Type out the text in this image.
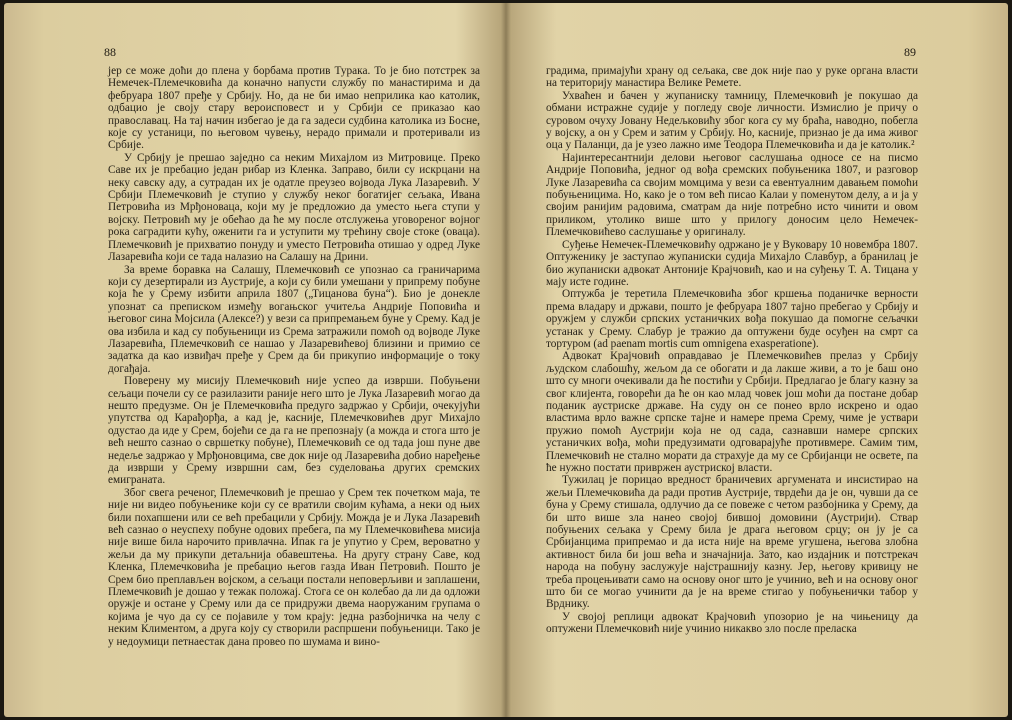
88

јер се може доћи до плена у борбама против Турака. То је био потстрек за Немечек-Племечковића да коначно напусти службу по манастирима и да фебруара 1807 пређе у Србију. Но, да не би имао неприлика као католик, одбацио је своју стару вероисповест и у Србији се приказао као православац. На тај начин избегао је да га задеси судбина католика из Босне, које су устаници, по његовом чувењу, нерадо примали и протеривали из Србије.

У Србију је прешао заједно са неким Михајлом из Митровице. Преко Саве их је пребацио један рибар из Кленка. Заправо, били су искрцани на неку савску аду, а сутрадан их је одатле преузео војвода Лука Лазаревић. У Србији Племечковић је ступио у службу неког богатијег сељака, Ивана Петровића из Мрђоноваца, који му је предложио да уместо њега ступи у војску. Петровић му је обећао да ће му после отслужења уговореног војног рока саградити кућу, оженити га и уступити му трећину своје стоке (оваца). Племечковић је прихватио понуду и уместо Петровића отишао у одред Луке Лазаревића који се тада налазио на Салашу на Дрини.

За време боравка на Салашу, Племечковић се упознао са граничарима који су дезертирали из Аустрије, а који су били умешани у припрему побуне која ће у Срему избити априла 1807 („Тицанова буна“). Био је донекле упознат са преписком између вогањског учитеља Андрије Поповића и његовог сина Мојсила (Алексе?) у вези са припремањем буне у Срему. Кад је ова избила и кад су побуњеници из Срема затражили помоћ од војводе Луке Лазаревића, Племечковић се нашао у Лазаревићевој близини и примио се задатка да као извиђач пређе у Срем да би прикупио информације о току догађаја.

Поверену му мисију Племечковић није успео да изврши. Побуњени сељаци почели су се разилазити раније него што је Лука Лазаревић могао да нешто предузме. Он је Племечковића предуго задржао у Србији, очекујући упутства од Карађорђа, а кад је, касније, Племечковићев друг Михајло одустао да иде у Срем, бојећи се да га не препознају (а можда и стога што је већ нешто сазнао о свршетку побуне), Племечковић се од тада још пуне две недеље задржао у Мрђоновцима, све док није од Лазаревића добио наређење да изврши у Срему извршни сам, без суделовања других сремских емиграната.

Због свега реченог, Племечковић је прешао у Срем тек почетком маја, те није ни видео побуњенике који су се вратили својим кућама, а неки од њих били похапшени или се већ пребацили у Србију. Можда је и Лука Лазаревић већ сазнао о неуспеху побуне одових пребега, па му Племечковићева мисија није више била нарочито привлачна. Ипак га је упутио у Срем, вероватно у жељи да му прикупи детаљнија обавештења. На другу страну Саве, код Кленка, Племечковића је пребацио његов газда Иван Петровић. Пошто је Срем био преплављен војском, а сељаци постали неповерљиви и заплашени, Племечковић је дошао у тежак положај. Стога се он колебао да ли да одложи оружје и остане у Срему или да се придружи двема наоружаним групама о којима је чуо да су се појавиле у том крају: једна разбојничка на челу с неким Климентом, а друга коју су створили распршени побуњеници. Тако је у недоумици петнаестак дана провео по шумама и вино-

89

градима, примајући храну од сељака, све док није пао у руке органа власти на територију манастира Велике Ремете.

Ухваћен и бачен у жупаниску тамницу, Племечковић је покушао да обмани истражне судије у погледу своје личности. Измислио је причу о суровом очуху Јовану Недељковићу због кога су му браћа, наводно, побегла у војску, а он у Срем и затим у Србију. Но, касније, признао је да има живог оца у Паланци, да је узео лажно име Теодора Племечковића и да је католик.²

Најинтересантнији делови његовог саслушања односе се на писмо Андрије Поповића, једног од вођа сремских побуњеника 1807, и разговор Луке Лазаревића са својим момцима у вези са евентуалним давањем помоћи побуњеницима. Но, како је о том већ писао Калаи у поменутом делу, а и ја у својим ранијим радовима, сматрам да није потребно исто чинити и овом приликом, утолико више што у прилогу доносим цело Немечек-Племечковићево саслушање у оригиналу.

Суђење Немечек-Племечковићу одржано је у Вуковару 10 новембра 1807. Оптуженику је заступао жупаниски судија Михајло Славбур, а бранилац је био жупаниски адвокат Антоније Крајчовић, као и на суђењу Т. А. Тицана у мају исте године.

Оптужба је теретила Племечковића због кршења поданичке верности према владару и држави, пошто је фебруара 1807 тајно пребегао у Србију и оружјем у служби српских устаничких вођа покушао да помогне сељачки устанак у Срему. Слабур је тражио да оптужени буде осуђен на смрт са тортуром (ad paenam mortis cum omnigena exasperatione).

Адвокат Крајчовић оправдавао је Племечковићев прелаз у Србију људском слабошћу, жељом да се обогати и да лакше живи, а то је баш оно што су многи очекивали да ће постићи у Србији. Предлагао је благу казну за свог клијента, говорећи да ће он као млад човек још моћи да постане добар поданик аустриске државе. На суду он се понео врло искрено и одао властима врло важне српске тајне и намере према Срему, чиме је уствари пружио помоћ Аустрији која не од сада, сазнавши намере српских устаничких вођа, моћи предузимати одговарајуће противмере. Самим тим, Племечковић не стално морати да страхује да му се Србијанци не освете, па ће нужно постати привржен аустриској власти.

Тужилац је порицао вредност браничевих аргумената и инсистирао на жељи Племечковића да ради против Аустрије, тврдећи да је он, чувши да се буна у Срему стишала, одлучио да се повеже с четом разбојника у Срему, да би што више зла нанео својој бившој домовини (Аустрији). Ствар побуњених сељака у Срему била је драга његовом срцу; он ју је са Србијанцима припремао и да иста није на време угушена, његова злобна активност била би још већа и значајнија. Зато, као издајник и потстрекач народа на побуну заслужује најстрашнију казну. Јер, његову кривицу не треба процењивати само на основу оног што је учинио, већ и на основу оног што би се могао учинити да је на време стигао у побуњенички табор у Врднику.

У својој реплици адвокат Крајчовић упозорио је на чињеницу да оптужени Племечковић није учинио никакво зло после прелаcка
